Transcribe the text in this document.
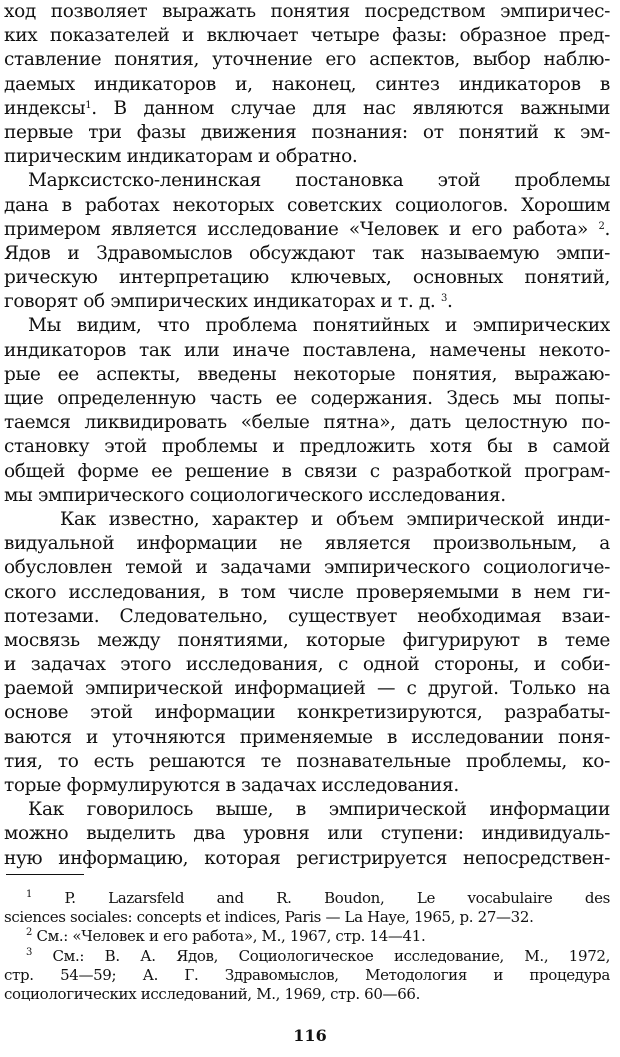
ход позволяет выражать понятия посредством эмпиричес-
ких показателей и включает четыре фазы: образное пред-
ставление понятия, уточнение его аспектов, выбор наблю-
даемых индикаторов и, наконец, синтез индикаторов в
индексы$^1$. В данном случае для нас являются важными
первые три фазы движения познания: от понятий к эм-
пирическим индикаторам и обратно.
Марксистско-ленинская постановка этой проблемы
дана в работах некоторых советских социологов. Хорошим
примером является исследование «Человек и его работа» $^2$.
Ядов и Здравомыслов обсуждают так называемую эмпи-
рическую интерпретацию ключевых, основных понятий,
говорят об эмпирических индикаторах и т. д. $^3$.
Мы видим, что проблема понятийных и эмпирических
индикаторов так или иначе поставлена, намечены некото-
рые ее аспекты, введены некоторые понятия, выражаю-
щие определенную часть ее содержания. Здесь мы попы-
таемся ликвидировать «белые пятна», дать целостную по-
становку этой проблемы и предложить хотя бы в самой
общей форме ее решение в связи с разработкой програм-
мы эмпирического социологического исследования.
Как известно, характер и объем эмпирической инди-
видуальной информации не является произвольным, а
обусловлен темой и задачами эмпирического социологиче-
ского исследования, в том числе проверяемыми в нем ги-
потезами. Следовательно, существует необходимая взаи-
мосвязь между понятиями, которые фигурируют в теме
и задачах этого исследования, с одной стороны, и соби-
раемой эмпирической информацией — с другой. Только на
основе этой информации конкретизируются, разрабаты-
ваются и уточняются применяемые в исследовании поня-
тия, то есть решаются те познавательные проблемы, ко-
торые формулируются в задачах исследования.
Как говорилось выше, в эмпирической информации
можно выделить два уровня или ступени: индивидуаль-
ную информацию, которая регистрируется непосредствен-
$^1$ P. Lazarsfeld and R. Boudon, Le vocabulaire des
sciences sociales: concepts et indices, Paris — La Haye, 1965, p. 27—32.
$^2$ См.: «Человек и его работа», М., 1967, стр. 14—41.
$^3$ См.: В. А. Ядов, Социологическое исследование, М., 1972,
стр. 54—59; А. Г. Здравомыслов, Методология и процедура
социологических исследований, М., 1969, стр. 60—66.
116
